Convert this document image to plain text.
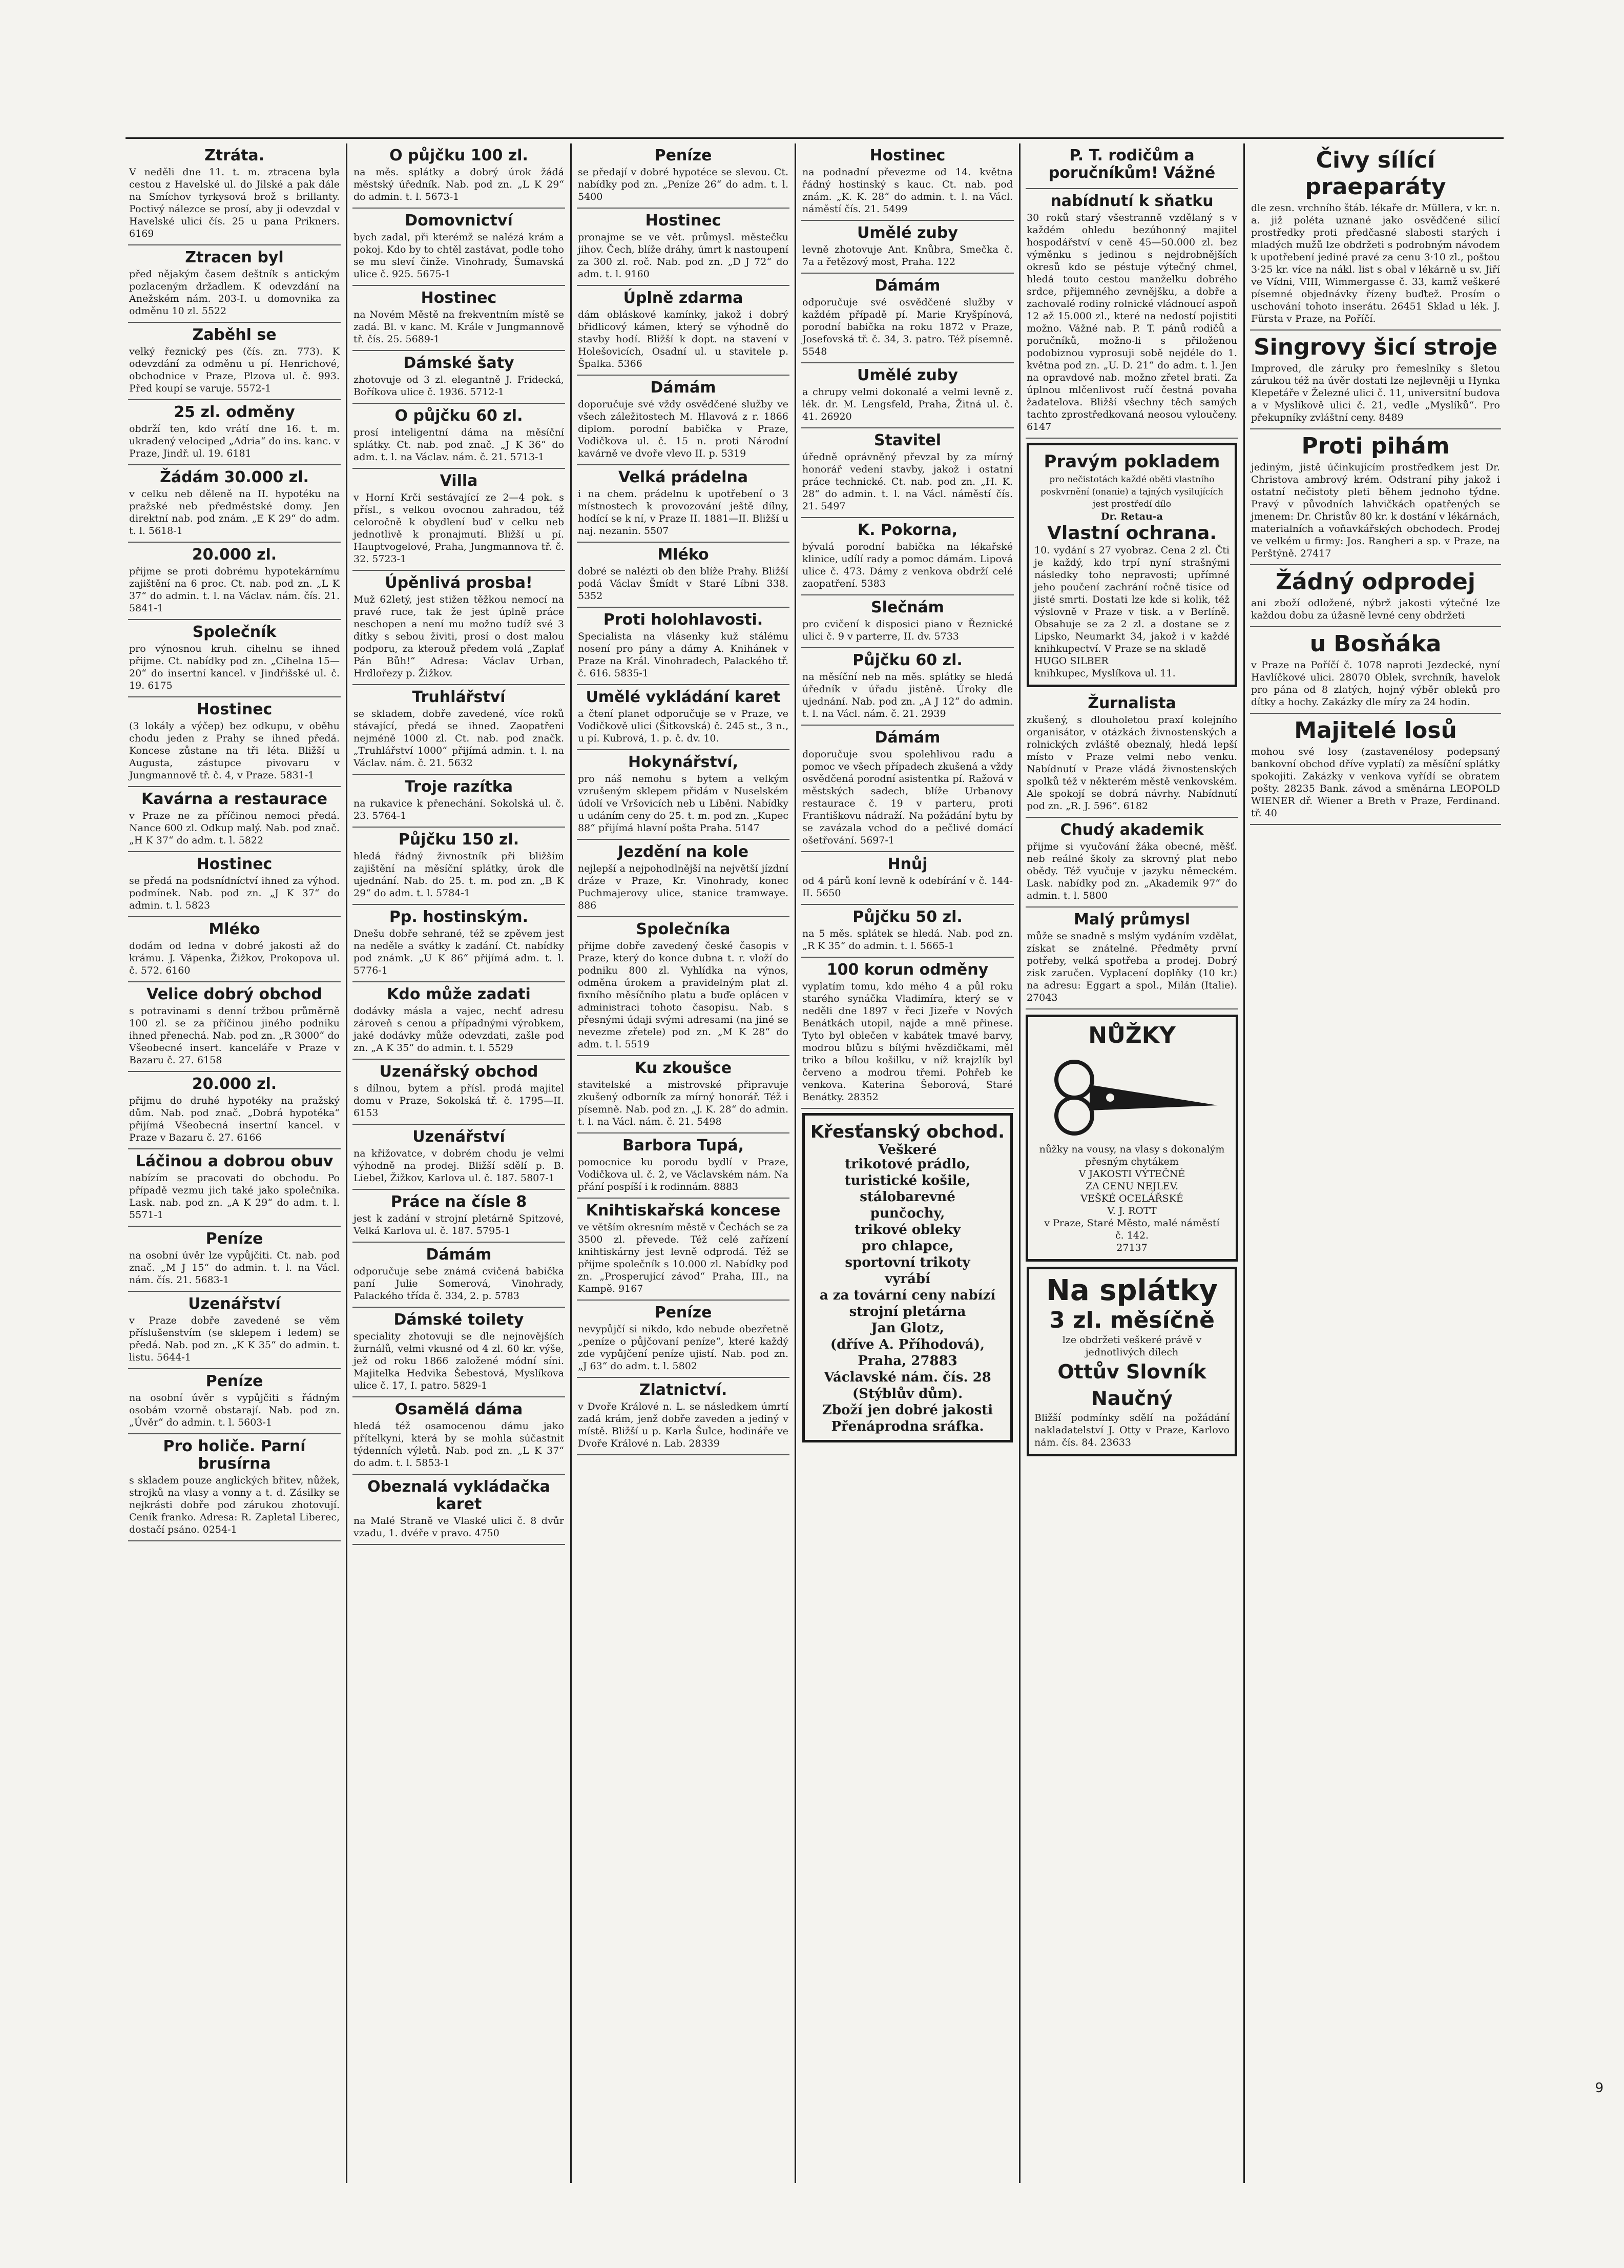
Ztráta.
V neděli dne 11. t. m. ztracena byla cestou z Havelské ul. do Jilské a pak dále na Smíchov tyrkysová brož s brillanty. Poctivý nálezce se prosí, aby ji odevzdal v Havelské ulici čís. 25 u pana Prikners. 6169
Ztracen byl
před nějakým časem deštník s antickým pozlaceným držadlem. K odevzdání na Anežském nám. 203-I. u domovnika za odměnu 10 zl. 5522
Zaběhl se
velký řeznický pes (čís. zn. 773). K odevzdání za odměnu u pí. Henrichové, obchodnice v Praze, Plzova ul. č. 993. Před koupí se varuje. 5572-1
25 zl. odměny
obdrží ten, kdo vrátí dne 16. t. m. ukradený velociped „Adria“ do ins. kanc. v Praze, Jindř. ul. 19. 6181
Žádám 30.000 zl.
v celku neb děleně na II. hypotéku na pražské neb předměstské domy. Jen direktní nab. pod znám. „E K 29“ do adm. t. l. 5618-1
20.000 zl.
přijme se proti dobrému hypotekárnímu zajištění na 6 proc. Ct. nab. pod zn. „L K 37“ do admin. t. l. na Václav. nám. čís. 21. 5841-1
Společník
pro výnosnou kruh. cihelnu se ihned přijme. Ct. nabídky pod zn. „Cihelna 15—20“ do insertní kancel. v Jindřišské ul. č. 19. 6175
Hostinec
(3 lokály a výčep) bez odkupu, v oběhu chodu jeden z Prahy se ihned předá. Koncese zůstane na tři léta. Bližší u Augusta, zástupce pivovaru v Jungmannově tř. č. 4, v Praze. 5831-1
Kavárna a restaurace
v Praze ne za příčinou nemoci předá. Nance 600 zl. Odkup malý. Nab. pod znač. „H K 37“ do adm. t. l. 5822
Hostinec
se předá na podsnídníctví ihned za výhod. podmínek. Nab. pod zn. „J K 37“ do admin. t. l. 5823
Mléko
dodám od ledna v dobré jakosti až do krámu. J. Vápenka, Žižkov, Prokopova ul. č. 572. 6160
Velice dobrý obchod
s potravinami s denní tržbou průměrně 100 zl. se za příčinou jiného podniku ihned přenechá. Nab. pod zn. „R 3000“ do Všeobecné insert. kanceláře v Praze v Bazaru č. 27. 6158
20.000 zl.
přijmu do druhé hypotéky na pražský dům. Nab. pod znač. „Dobrá hypotéka“ přijímá Všeobecná insertní kancel. v Praze v Bazaru č. 27. 6166
Láčinou a dobrou obuv
nabízím se pracovati do obchodu. Po případě vezmu jich také jako společníka. Lask. nab. pod zn. „A K 29“ do adm. t. l. 5571-1
Peníze
na osobní úvěr lze vypůjčiti. Ct. nab. pod znač. „M J 15“ do admin. t. l. na Václ. nám. čís. 21. 5683-1
Uzenářství
v Praze dobře zavedené se věm příslušenstvím (se sklepem i ledem) se předá. Nab. pod zn. „K K 35“ do admin. t. listu. 5644-1
Peníze
na osobní úvěr s vypůjčiti s řádným osobám vzorně obstarají. Nab. pod zn. „Úvěr“ do admin. t. l. 5603-1
Pro holiče. Parní brusírna
s skladem pouze anglických břitev, nůžek, strojků na vlasy a vonny a t. d. Zásilky se nejkrásti dobře pod zárukou zhotovují. Ceník franko. Adresa: R. Zapletal Liberec, dostačí psáno. 0254-1
O půjčku 100 zl.
na měs. splátky a dobrý úrok žádá městský úředník. Nab. pod zn. „L K 29“ do admin. t. l. 5673-1
Domovnictví
bych zadal, při kterémž se nalézá krám a pokoj. Kdo by to chtěl zastávat, podle toho se mu sleví činže. Vinohrady, Šumavská ulice č. 925. 5675-1
Hostinec
na Novém Městě na frekventním místě se zadá. Bl. v kanc. M. Krále v Jungmannově tř. čís. 25. 5689-1
Dámské šaty
zhotovuje od 3 zl. elegantně J. Fridecká, Boříkova ulice č. 1936. 5712-1
O půjčku 60 zl.
prosí inteligentní dáma na měsíční splátky. Ct. nab. pod znač. „J K 36“ do adm. t. l. na Václav. nám. č. 21. 5713-1
Villa
v Horní Krči sestávající ze 2—4 pok. s přísl., s velkou ovocnou zahradou, též celoročně k obydlení buď v celku neb jednotlivě k pronajmutí. Bližší u pí. Hauptvogelové, Praha, Jungmannova tř. č. 32. 5723-1
Úpěnlivá prosba!
Muž 62letý, jest stižen těžkou nemocí na pravé ruce, tak že jest úplně práce neschopen a není mu možno tudíž své 3 dítky s sebou živiti, prosí o dost malou podporu, za kterouž předem volá „Zaplať Pán Bůh!“ Adresa: Václav Urban, Hrdlořezy p. Žižkov.
Truhlářství
se skladem, dobře zavedené, více roků stávající, předá se ihned. Zaopatřeni nejméně 1000 zl. Ct. nab. pod značk. „Truhlářství 1000“ přijímá admin. t. l. na Václav. nám. č. 21. 5632
Troje razítka
na rukavice k přenechání. Sokolská ul. č. 23. 5764-1
Půjčku 150 zl.
hledá řádný živnostník při bližším zajištění na měsíční splátky, úrok dle ujednání. Nab. do 25. t. m. pod zn. „B K 29“ do adm. t. l. 5784-1
Pp. hostinským.
Dnešu dobře sehrané, též se zpěvem jest na neděle a svátky k zadání. Ct. nabídky pod známk. „U K 86“ přijímá adm. t. l. 5776-1
Kdo může zadati
dodávky másla a vajec, nechť adresu zároveň s cenou a případnými výrobkem, jaké dodávky může odevzdati, zašle pod zn. „A K 35“ do admin. t. l. 5529
Uzenářský obchod
s dílnou, bytem a přísl. prodá majitel domu v Praze, Sokolská tř. č. 1795—II. 6153
Uzenářství
na křižovatce, v dobrém chodu je velmi výhodně na prodej. Bližší sdělí p. B. Liebel, Žižkov, Karlova ul. č. 187. 5807-1
Práce na čísle 8
jest k zadání v strojní pletárně Spitzové, Velká Karlova ul. č. 187. 5795-1
Dámám
odporučuje sebe známá cvičená babička paní Julie Somerová, Vinohrady, Palackého třída č. 334, 2. p. 5783
Dámské toilety
speciality zhotovuji se dle nejnovějších žurnálů, velmi vkusné od 4 zl. 60 kr. výše, jež od roku 1866 založené módní síni. Majitelka Hedvika Šebestová, Myslíkova ulice č. 17, I. patro. 5829-1
Osamělá dáma
hledá též osamocenou dámu jako přítelkyni, která by se mohla súčastnit týdenních výletů. Nab. pod zn. „L K 37“ do adm. t. l. 5853-1
Obeznalá vykládačka karet
na Malé Straně ve Vlaské ulici č. 8 dvůr vzadu, 1. dvéře v pravo. 4750
Peníze
se předají v dobré hypotéce se slevou. Ct. nabídky pod zn. „Peníze 26“ do adm. t. l. 5400
Hostinec
pronajme se ve vět. průmysl. městečku jihov. Čech, blíže dráhy, úmrt k nastoupení za 300 zl. roč. Nab. pod zn. „D J 72“ do adm. t. l. 9160
Úplně zdarma
dám obláskové kamínky, jakož i dobrý břidlicový kámen, který se výhodně do stavby hodí. Bližší k dopt. na stavení v Holešovicích, Osadní ul. u stavitele p. Špalka. 5366
Dámám
doporučuje své vždy osvědčené služby ve všech záležitostech M. Hlavová z r. 1866 diplom. porodní babička v Praze, Vodičkova ul. č. 15 n. proti Národní kavárně ve dvoře vlevo II. p. 5319
Velká prádelna
i na chem. prádelnu k upotřebení o 3 místnostech k provozování ještě dílny, hodící se k ní, v Praze II. 1881—II. Bližší u naj. nezanin. 5507
Mléko
dobré se nalézti ob den blíže Prahy. Bližší podá Václav Šmídt v Staré Líbni 338. 5352
Proti holohlavosti.
Specialista na vlásenky kuž stálému nosení pro pány a dámy A. Knihánek v Praze na Král. Vinohradech, Palackého tř. č. 616. 5835-1
Umělé vykládání karet
a čtení planet odporučuje se v Praze, ve Vodičkově ulici (Šitkovská) č. 245 st., 3 n., u pí. Kubrová, 1. p. č. dv. 10.
Hokynářství,
pro náš nemohu s bytem a velkým vzrušeným sklepem přidám v Nuselském údolí ve Vršovicích neb u Liběni. Nabídky u udáním ceny do 25. t. m. pod zn. „Kupec 88“ přijímá hlavní pošta Praha. 5147
Jezdění na kole
nejlepší a nejpohodlnější na největší jízdní dráze v Praze, Kr. Vinohrady, konec Puchmajerovy ulice, stanice tramwaye. 886
Společníka
přijme dobře zavedený české časopis v Praze, který do konce dubna t. r. vloží do podniku 800 zl. Vyhlídka na výnos, odměna úrokem a pravidelným plat zl. fixního měsíčního platu a buďe oplácen v administraci tohoto časopisu. Nab. s přesnými údaji svými adresami (na jiné se nevezme zřetele) pod zn. „M K 28“ do adm. t. l. 5519
Ku zkoušce
stavitelské a mistrovské připravuje zkušený odborník za mírný honorář. Též i písemně. Nab. pod zn. „J. K. 28“ do admin. t. l. na Václ. nám. č. 21. 5498
Barbora Tupá,
pomocnice ku porodu bydlí v Praze, Vodičkova ul. č. 2, ve Václavském nám. Na přání pospíší i k rodinnám. 8883
Knihtiskařská koncese
ve větším okresním městě v Čechách se za 3500 zl. převede. Též celé zařízení knihtiskárny jest levně odprodá. Též se přijme společník s 10.000 zl. Nabídky pod zn. „Prosperující závod“ Praha, III., na Kampě. 9167
Peníze
nevypůjčí si nikdo, kdo nebude obezřetně „peníze o půjčovaní peníze“, které každý zde vypůjčení peníze ujistí. Nab. pod zn. „J 63“ do adm. t. l. 5802
Zlatnictví.
v Dvoře Králové n. L. se následkem úmrtí zadá krám, jenž dobře zaveden a jediný v místě. Bližší u p. Karla Šulce, hodináře ve Dvoře Králové n. Lab. 28339
Hostinec
na podnadní převezme od 14. května řádný hostinský s kauc. Ct. nab. pod znám. „K. K. 28“ do admin. t. l. na Václ. náměstí čís. 21. 5499
Umělé zuby
levně zhotovuje Ant. Knůbra, Smečka č. 7a a řetězový most, Praha. 122
Dámám
odporučuje své osvědčené služby v každém případě pí. Marie Kryšpínová, porodní babička na roku 1872 v Praze, Josefovská tř. č. 34, 3. patro. Též písemně. 5548
Umělé zuby
a chrupy velmi dokonalé a velmi levně z. lék. dr. M. Lengsfeld, Praha, Žitná ul. č. 41. 26920
Stavitel
úředně oprávněný převzal by za mírný honorář vedení stavby, jakož i ostatní práce technické. Ct. nab. pod zn. „H. K. 28“ do admin. t. l. na Václ. náměstí čís. 21. 5497
K. Pokorna,
bývalá porodní babička na lékařské klinice, udílí rady a pomoc dámám. Lipová ulice č. 473. Dámy z venkova obdrží celé zaopatření. 5383
Slečnám
pro cvičení k disposici piano v Řeznické ulici č. 9 v parterre, II. dv. 5733
Půjčku 60 zl.
na měsíční neb na měs. splátky se hledá úředník v úřadu jistěně. Úroky dle ujednání. Nab. pod zn. „A J 12“ do admin. t. l. na Václ. nám. č. 21. 2939
Dámám
doporučuje svou spolehlivou radu a pomoc ve všech případech zkušená a vždy osvědčená porodní asistentka pí. Ražová v městských sadech, blíže Urbanovy restaurace č. 19 v parteru, proti Františkovu nádraží. Na požádání bytu by se zavázala vchod do a pečlivé domácí ošetřování. 5697-1
Hnůj
od 4 párů koní levně k odebírání v č. 144-II. 5650
Půjčku 50 zl.
na 5 měs. splátek se hledá. Nab. pod zn. „R K 35“ do admin. t. l. 5665-1
100 korun odměny
vyplatím tomu, kdo mého 4 a půl roku starého synáčka Vladimíra, který se v neděli dne 1897 v řeci Jizeře v Nových Benátkách utopil, najde a mně přinese. Tyto byl oblečen v kabátek tmavé barvy, modrou blůzu s bílými hvězdičkami, měl triko a bílou košilku, v níž krajzlík byl červeno a modrou třemi. Pohřeb ke venkova. Katerina Šeborová, Staré Benátky. 28352
Křesťanský obchod.
Veškeré
trikotové prádlo,
turistické košile,
stálobarevné
punčochy,
trikové obleky
pro chlapce,
sportovní trikoty
vyrábí
a za tovární ceny nabízí
strojní pletárna
Jan Glotz,
(dříve A. Příhodová),
Praha, 27883
Václavské nám. čís. 28
(Stýblův dům).
Zboží jen dobré jakosti
Přenáprodna sráfka.
P. T. rodičům a poručníkům! Vážné
nabídnutí k sňatku
30 roků starý všestranně vzdělaný s v každém ohledu bezúhonný majitel hospodářství v ceně 45—50.000 zl. bez výměnku s jedinou s nejdrobnějších okresů kdo se péstuje výtečný chmel, hledá touto cestou manželku dobrého srdce, přijemného zevnějšku, a dobře a zachovalé rodiny rolnické vládnoucí aspoň 12 až 15.000 zl., které na nedostí pojistiti možno. Vážné nab. P. T. pánů rodičů a poručníků, možno-li s přiloženou podobiznou vyprosuji sobě nejdéle do 1. května pod zn. „U. D. 21“ do adm. t. l. Jen na opravdové nab. možno zřetel brati. Za úplnou mlčenlivost ručí čestná povaha žadatelova. Bližší všechny těch samých tachto zprostředkovaná neosou vyloučeny. 6147
Pravým pokladem
pro nečistotách každé oběti vlastního poskvrnění (onanie) a tajných vysilujících jest prostředí dílo
Dr. Retau-a
Vlastní ochrana.
10. vydání s 27 vyobraz. Cena 2 zl. Čti je každý, kdo trpí nyní strašnými následky toho nepravosti; upřímné jeho poučení zachrání ročně tisíce od jisté smrti. Dostati lze kde si kolik, též výslovně v Praze v tisk. a v Berlíně. Obsahuje se za 2 zl. a dostane se z Lipsko, Neumarkt 34, jakož i v každé knihkupectví. V Praze se na skladě
HUGO SILBER
knihkupec, Myslíkova ul. 11.
Žurnalista
zkušený, s dlouholetou praxí kolejního organisátor, v otázkách živnostenských a rolnických zvláště obeznalý, hledá lepší místo v Praze velmi nebo venku. Nabídnutí v Praze vládá živnostenských spolků též v některém městě venkovském. Ale spokojí se dobrá návrhy. Nabídnutí pod zn. „R. J. 596“. 6182
Chudý akademik
přijme si vyučování žáka obecné, měšť. neb reálné školy za skrovný plat nebo obědy. Též vyučuje v jazyku německém. Lask. nabídky pod zn. „Akademik 97“ do admin. t. l. 5800
Malý průmysl
může se snadně s mslým vydáním vzdělat, získat se znátelné. Předměty první potřeby, velká spotřeba a prodej. Dobrý zisk zaručen. Vyplacení doplňky (10 kr.) na adresu: Eggart a spol., Milán (Italie). 27043
NŮŽKY
nůžky na vousy, na vlasy s dokonalým přesným chytákem
V JAKOSTI VÝTEČNÉ
ZA CENU NEJLEV.
VEŠKÉ OCELÁŘSKÉ
V. J. ROTT
v Praze, Staré Město, malé náměstí
č. 142.
27137
Na splátky
3 zl. měsíčně
lze obdržeti veškeré právě v jednotlivých dílech
Ottův Slovník Naučný
Bližší podmínky sdělí na požádání nakladatelství J. Otty v Praze, Karlovo nám. čís. 84. 23633
Čivy sílící praeparáty
dle zesn. vrchního štáb. lékaře dr. Müllera, v kr. n. a. již poléta uznané jako osvědčené silicí prostředky proti předčasné slabosti starých i mladých mužů lze obdržeti s podrobným návodem k upotřebení jediné pravé za cenu 3·10 zl., poštou 3·25 kr. více na nákl. list s obal v lékárně u sv. Jiří ve Vídni, VIII, Wimmergasse č. 33, kamž veškeré písemné objednávky řízeny buďtež. Prosím o uschování tohoto inserátu. 26451 Sklad u lék. J. Fürsta v Praze, na Poříčí.
Singrovy šicí stroje
Improved, dle záruky pro řemeslníky s šletou zárukou též na úvěr dostati lze nejlevněji u Hynka Klepetáře v Železné ulici č. 11, universitní budova a v Myslíkově ulici č. 21, vedle „Myslíků“. Pro překupníky zvláštní ceny. 8489
Proti pihám
jediným, jistě účinkujícím prostředkem jest Dr. Christova ambrový krém. Odstraní pihy jakož i ostatní nečistoty pleti během jednoho týdne. Pravý v původních lahvičkách opatřených se jmenem: Dr. Christův 80 kr. k dostání v lékárnách, materialních a voňavkářských obchodech. Prodej ve velkém u firmy: Jos. Rangheri a sp. v Praze, na Perštýně. 27417
Žádný odprodej
ani zboží odložené, nýbrž jakosti výtečné lze každou dobu za úžasně levné ceny obdržeti
u Bosňáka
v Praze na Poříčí č. 1078 naproti Jezdecké, nyní Havlíčkové ulici. 28070 Oblek, svrchník, havelok pro pána od 8 zlatých, hojný výběr obleků pro dítky a hochy. Zakázky dle míry za 24 hodin.
Majitelé losů
mohou své losy (zastavenélosy podepsaný bankovní obchod dříve vyplatí) za měsíční splátky spokojiti. Zakázky v venkova vyřídí se obratem pošty. 28235 Bank. závod a směnárna LEOPOLD WIENER dř. Wiener a Breth v Praze, Ferdinand. tř. 40
9
